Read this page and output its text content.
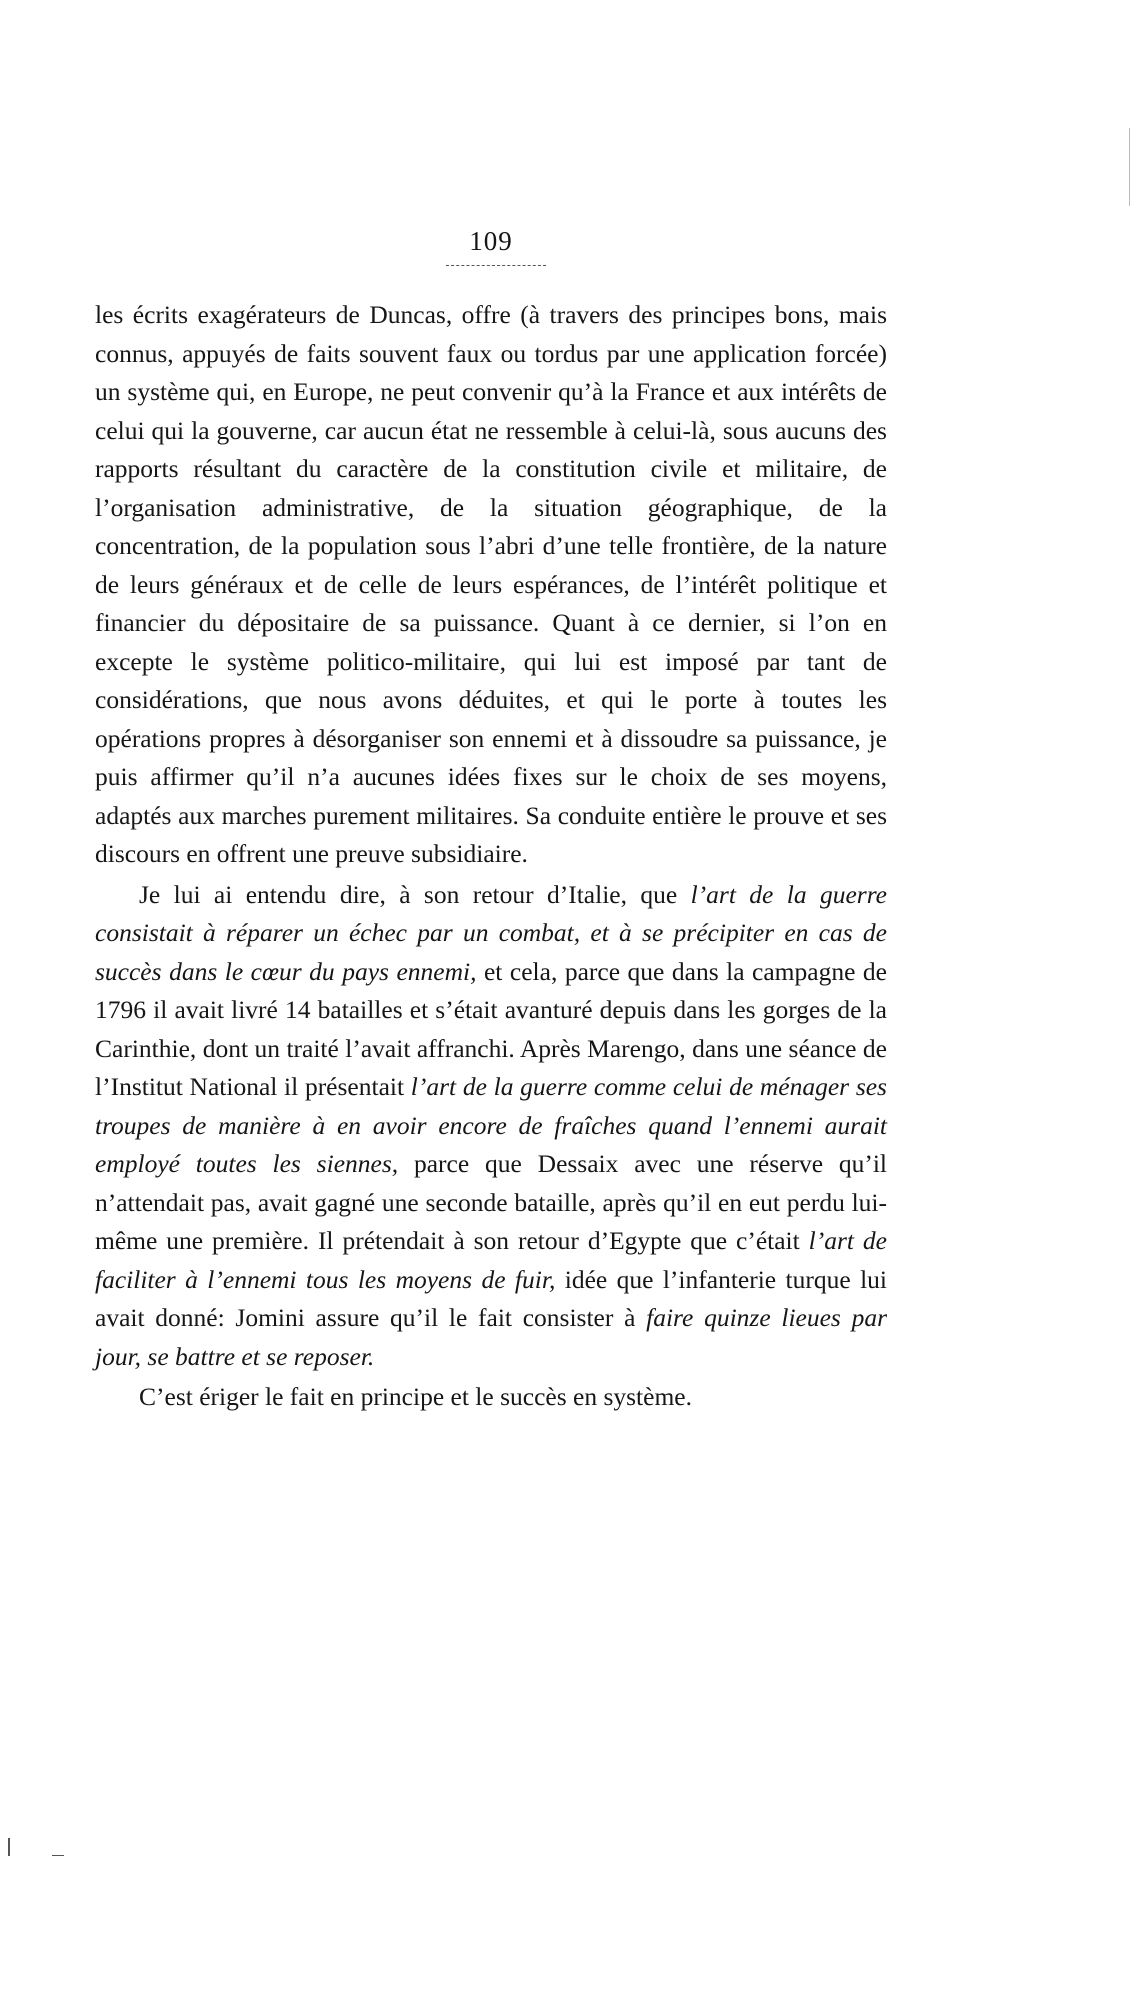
109

les écrits exagérateurs de Duncas, offre (à travers des principes bons, mais connus, appuyés de faits souvent faux ou tordus par une application forcée) un système qui, en Europe, ne peut convenir qu’à la France et aux intérêts de celui qui la gouverne, car aucun état ne ressemble à celui-là, sous aucuns des rapports résultant du caractère de la constitution civile et militaire, de l’organisation administrative, de la situation géographique, de la concentration, de la population sous l’abri d’une telle frontière, de la nature de leurs généraux et de celle de leurs espérances, de l’intérêt politique et financier du dépositaire de sa puissance. Quant à ce dernier, si l’on en excepte le système politico-militaire, qui lui est imposé par tant de considérations, que nous avons déduites, et qui le porte à toutes les opérations propres à désorganiser son ennemi et à dissoudre sa puissance, je puis affirmer qu’il n’a aucunes idées fixes sur le choix de ses moyens, adaptés aux marches purement militaires. Sa conduite entière le prouve et ses discours en offrent une preuve subsidiaire.

Je lui ai entendu dire, à son retour d’Italie, que l’art de la guerre consistait à réparer un échec par un combat, et à se précipiter en cas de succès dans le cœur du pays ennemi, et cela, parce que dans la campagne de 1796 il avait livré 14 batailles et s’était avanturé depuis dans les gorges de la Carinthie, dont un traité l’avait affranchi. Après Marengo, dans une séance de l’Institut National il présentait l’art de la guerre comme celui de ménager ses troupes de manière à en avoir encore de fraîches quand l’ennemi aurait employé toutes les siennes, parce que Dessaix avec une réserve qu’il n’attendait pas, avait gagné une seconde bataille, après qu’il en eut perdu lui-même une première. Il prétendait à son retour d’Egypte que c’était l’art de faciliter à l’ennemi tous les moyens de fuir, idée que l’infanterie turque lui avait donné: Jomini assure qu’il le fait consister à faire quinze lieues par jour, se battre et se reposer.

C’est ériger le fait en principe et le succès en système.
